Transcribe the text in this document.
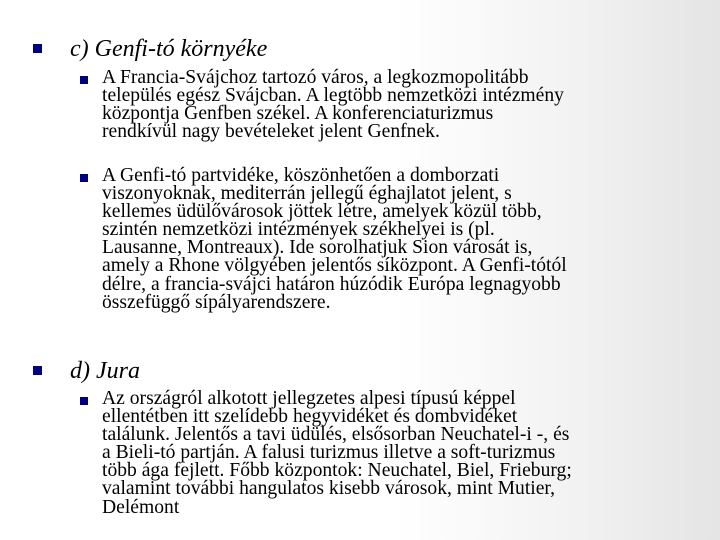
c) Genfi-tó környéke
A Francia-Svájchoz tartozó város, a legkozmopolitább
település egész Svájcban. A legtöbb nemzetközi intézmény
központja Genfben székel. A konferenciaturizmus
rendkívül nagy bevételeket jelent Genfnek.
A Genfi-tó partvidéke, köszönhetően a domborzati
viszonyoknak, mediterrán jellegű éghajlatot jelent, s
kellemes üdülővárosok jöttek létre, amelyek közül több,
szintén nemzetközi intézmények székhelyei is (pl.
Lausanne, Montreaux). Ide sorolhatjuk Sion városát is,
amely a Rhone völgyében jelentős síközpont. A Genfi-tótól
délre, a francia-svájci határon húzódik Európa legnagyobb
összefüggő sípályarendszere.
d) Jura
Az országról alkotott jellegzetes alpesi típusú képpel
ellentétben itt szelídebb hegyvidéket és dombvidéket
találunk. Jelentős a tavi üdülés, elsősorban Neuchatel-i -, és
a Bieli-tó partján. A falusi turizmus illetve a soft-turizmus
több ága fejlett. Főbb központok: Neuchatel, Biel, Frieburg;
valamint további hangulatos kisebb városok, mint Mutier,
Delémont
